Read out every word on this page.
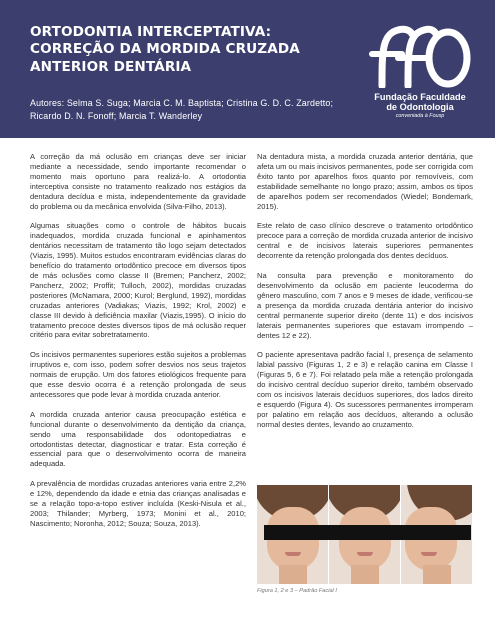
ORTODONTIA INTERCEPTATIVA:
CORREÇÃO DA MORDIDA CRUZADA
ANTERIOR DENTÁRIA
Autores: Selma S. Suga; Marcia C. M. Baptista; Cristina G. D. C. Zardetto; Ricardo D. N. Fonoff; Marcia T. Wanderley
Fundação Faculdade
de Odontologia
conveniada à Fousp

A correção da má oclusão em crianças deve ser iniciar mediante a necessidade, sendo importante recomendar o momento mais oportuno para realizá-lo. A ortodontia interceptiva consiste no tratamento realizado nos estágios da dentadura decídua e mista, independentemente da gravidade do problema ou da mecânica envolvida (Silva-Filho, 2013).

Algumas situações como o controle de hábitos bucais inadequados, mordida cruzada funcional e apinhamentos dentários necessitam de tratamento tão logo sejam detectados (Viazis, 1995). Muitos estudos encontraram evidências claras do benefício do tratamento ortodôntico precoce em diversos tipos de más oclusões como classe II (Bremen; Pancherz, 2002; Pancherz, 2002; Proffit; Tulloch, 2002), mordidas cruzadas posteriores (McNamara, 2000; Kurol; Berglund, 1992), mordidas cruzadas anteriores (Vadiakas; Viazis, 1992; Krol, 2002) e classe III devido à deficiência maxilar (Viazis,1995). O início do tratamento precoce destes diversos tipos de má oclusão requer critério para evitar sobretratamento.

Os incisivos permanentes superiores estão sujeitos a problemas irruptivos e, com isso, podem sofrer desvios nos seus trajetos normais de erupção. Um dos fatores etiológicos frequente para que esse desvio ocorra é a retenção prolongada de seus antecessores que pode levar à mordida cruzada anterior.

A mordida cruzada anterior causa preocupação estética e funcional durante o desenvolvimento da dentição da criança, sendo uma responsabilidade dos odontopediatras e ortodontistas detectar, diagnosticar e tratar. Esta correção é essencial para que o desenvolvimento ocorra de maneira adequada.

A prevalência de mordidas cruzadas anteriores varia entre 2,2% e 12%, dependendo da idade e etnia das crianças analisadas e se a relação topo-a-topo estiver incluída (Keski-Nisula et al., 2003; Thilander; Myrberg, 1973; Monini et al., 2010; Nascimento; Noronha, 2012; Souza; Souza, 2013).

Na dentadura mista, a mordida cruzada anterior dentária, que afeta um ou mais incisivos permanentes, pode ser corrigida com êxito tanto por aparelhos fixos quanto por removíveis, com estabilidade semelhante no longo prazo; assim, ambos os tipos de aparelhos podem ser recomendados (Wiedel; Bondemark, 2015).

Este relato de caso clínico descreve o tratamento ortodôntico precoce para a correção de mordida cruzada anterior de incisivo central e de incisivos laterais superiores permanentes decorrente da retenção prolongada dos dentes decíduos.

Na consulta para prevenção e monitoramento do desenvolvimento da oclusão em paciente leucoderma do gênero masculino, com 7 anos e 9 meses de idade, verificou-se a presença da mordida cruzada dentária anterior do incisivo central permanente superior direito (dente 11) e dos incisivos laterais permanentes superiores que estavam irrompendo – dentes 12 e 22).

O paciente apresentava padrão facial I, presença de selamento labial passivo (Figuras 1, 2 e 3) e relação canina em Classe I (Figuras 5, 6 e 7). Foi relatado pela mãe a retenção prolongada do incisivo central decíduo superior direito, também observado com os incisivos laterais decíduos superiores, dos lados direito e esquerdo (Figura 4). Os sucessores permanentes irromperam por palatino em relação aos decíduos, alterando a oclusão normal destes dentes, levando ao cruzamento.

Figura 1, 2 e 3 – Padrão Facial I
